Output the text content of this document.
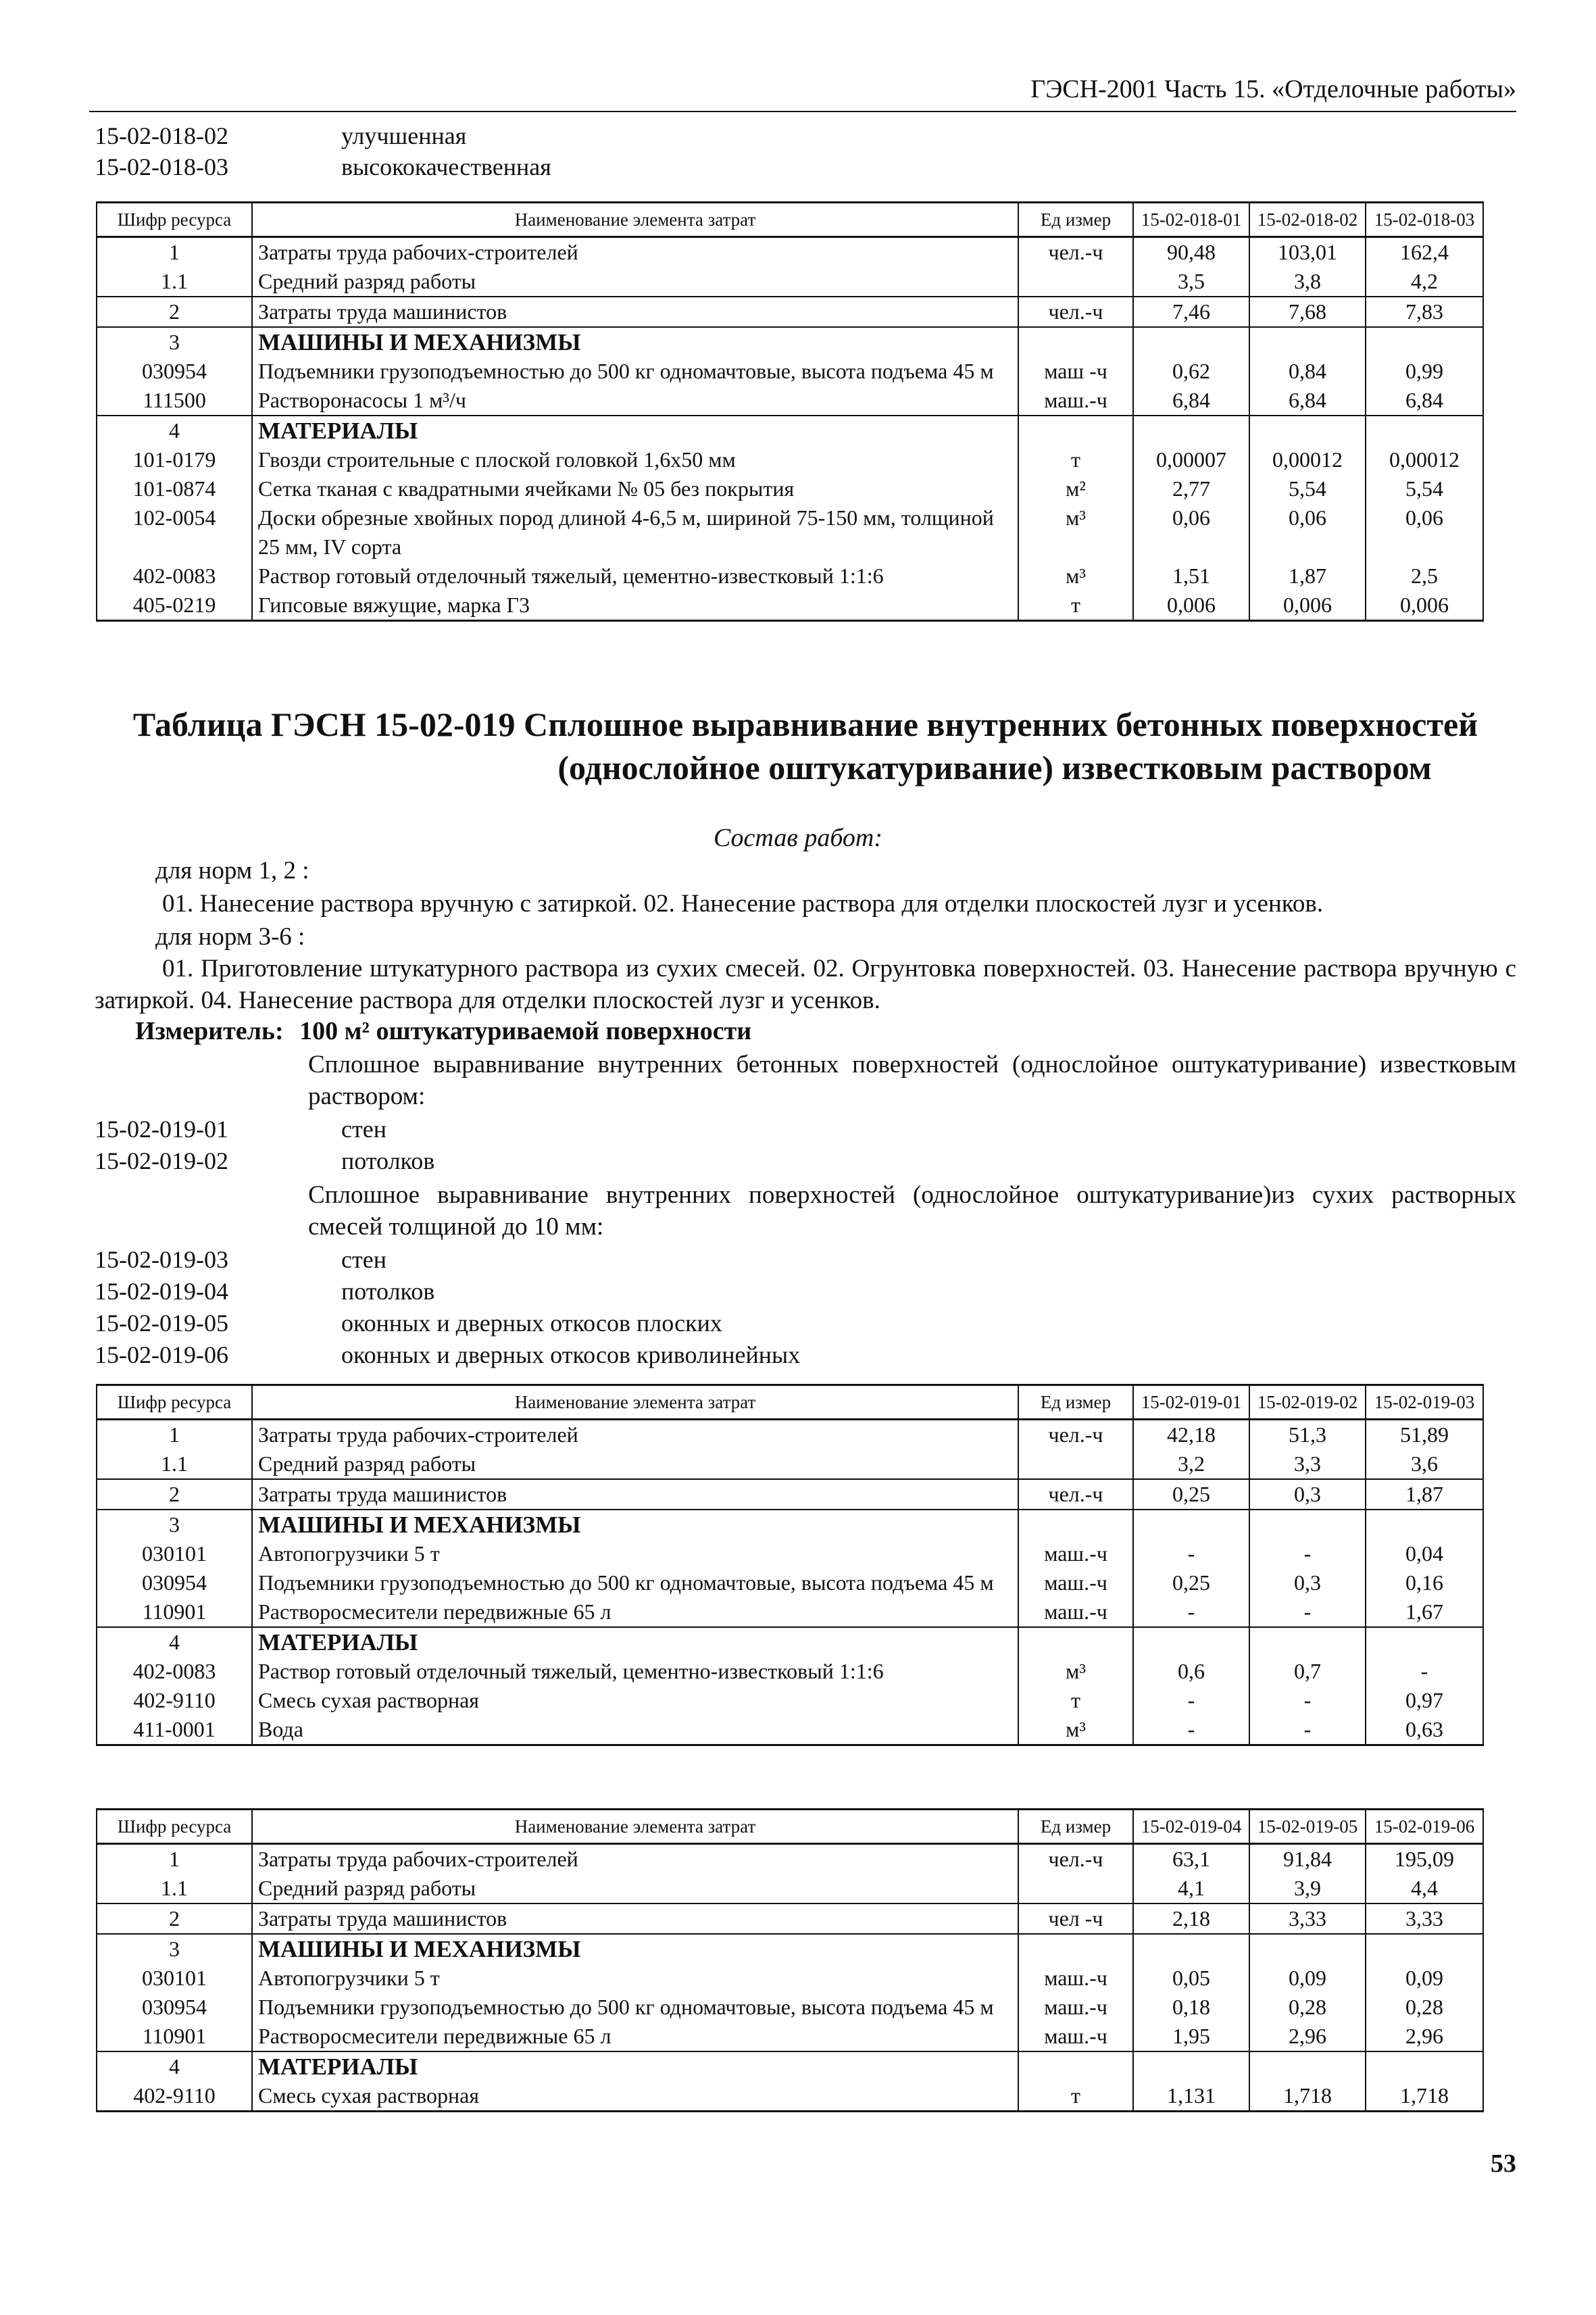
ГЭСН-2001 Часть 15. «Отделочные работы»
15-02-018-02	улучшенная
15-02-018-03	высококачественная
Шифр ресурса	Наименование элемента затрат	Ед измер	15-02-018-01	15-02-018-02	15-02-018-03
1	Затраты труда рабочих-строителей	чел.-ч	90,48	103,01	162,4
1.1	Средний разряд работы		3,5	3,8	4,2
2	Затраты труда машинистов	чел.-ч	7,46	7,68	7,83
3	МАШИНЫ И МЕХАНИЗМЫ				
030954	Подъемники грузоподъемностью до 500 кг одномачтовые, высота подъема 45 м	маш -ч	0,62	0,84	0,99
111500	Растворонасосы 1 м³/ч	маш.-ч	6,84	6,84	6,84
4	МАТЕРИАЛЫ				
101-0179	Гвозди строительные с плоской головкой 1,6x50 мм	т	0,00007	0,00012	0,00012
101-0874	Сетка тканая с квадратными ячейками № 05 без покрытия	м²	2,77	5,54	5,54
102-0054	Доски обрезные хвойных пород длиной 4-6,5 м, шириной 75-150 мм, толщиной 25 мм, IV сорта	м³	0,06	0,06	0,06
402-0083	Раствор готовый отделочный тяжелый, цементно-известковый 1:1:6	м³	1,51	1,87	2,5
405-0219	Гипсовые вяжущие, марка Г3	т	0,006	0,006	0,006
Таблица ГЭСН 15-02-019 Сплошное выравнивание внутренних бетонных поверхностей
(однослойное оштукатуривание) известковым раствором
Состав работ:
для норм 1, 2 :
01. Нанесение раствора вручную с затиркой. 02. Нанесение раствора для отделки плоскостей лузг и усенков.
для норм 3-6 :
01. Приготовление штукатурного раствора из сухих смесей. 02. Огрунтовка поверхностей. 03. Нанесение раствора вручную с затиркой. 04. Нанесение раствора для отделки плоскостей лузг и усенков.
Измеритель: 100 м² оштукатуриваемой поверхности
Сплошное выравнивание внутренних бетонных поверхностей (однослойное оштукатуривание) известковым раствором:
15-02-019-01	стен
15-02-019-02	потолков
Сплошное выравнивание внутренних поверхностей (однослойное оштукатуривание)из сухих растворных смесей толщиной до 10 мм:
15-02-019-03	стен
15-02-019-04	потолков
15-02-019-05	оконных и дверных откосов плоских
15-02-019-06	оконных и дверных откосов криволинейных
Шифр ресурса	Наименование элемента затрат	Ед измер	15-02-019-01	15-02-019-02	15-02-019-03
1	Затраты труда рабочих-строителей	чел.-ч	42,18	51,3	51,89
1.1	Средний разряд работы		3,2	3,3	3,6
2	Затраты труда машинистов	чел.-ч	0,25	0,3	1,87
3	МАШИНЫ И МЕХАНИЗМЫ				
030101	Автопогрузчики 5 т	маш.-ч	-	-	0,04
030954	Подъемники грузоподъемностью до 500 кг одномачтовые, высота подъема 45 м	маш.-ч	0,25	0,3	0,16
110901	Растворосмесители передвижные 65 л	маш.-ч	-	-	1,67
4	МАТЕРИАЛЫ				
402-0083	Раствор готовый отделочный тяжелый, цементно-известковый 1:1:6	м³	0,6	0,7	-
402-9110	Смесь сухая растворная	т	-	-	0,97
411-0001	Вода	м³	-	-	0,63
Шифр ресурса	Наименование элемента затрат	Ед измер	15-02-019-04	15-02-019-05	15-02-019-06
1	Затраты труда рабочих-строителей	чел.-ч	63,1	91,84	195,09
1.1	Средний разряд работы		4,1	3,9	4,4
2	Затраты труда машинистов	чел -ч	2,18	3,33	3,33
3	МАШИНЫ И МЕХАНИЗМЫ				
030101	Автопогрузчики 5 т	маш.-ч	0,05	0,09	0,09
030954	Подъемники грузоподъемностью до 500 кг одномачтовые, высота подъема 45 м	маш.-ч	0,18	0,28	0,28
110901	Растворосмесители передвижные 65 л	маш.-ч	1,95	2,96	2,96
4	МАТЕРИАЛЫ				
402-9110	Смесь сухая растворная	т	1,131	1,718	1,718
53
